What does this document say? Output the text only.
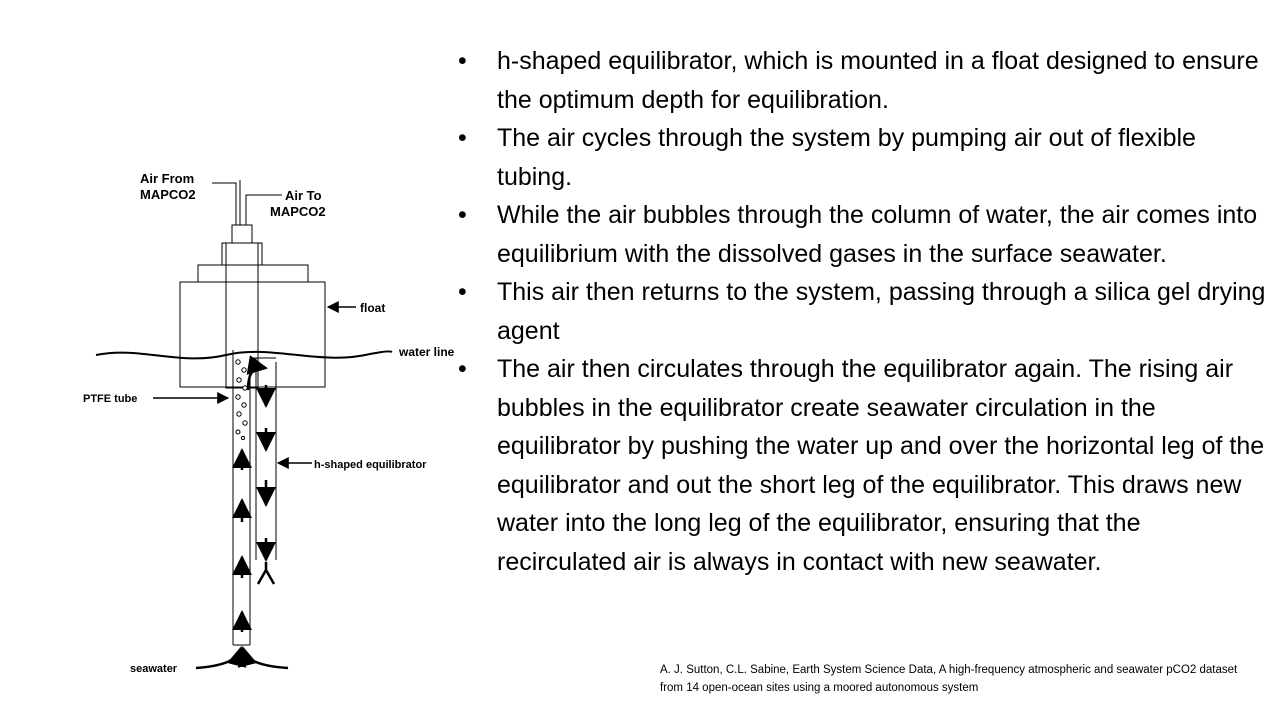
Air From
MAPCO2	Air To
MAPCO2
float
water line
PTFE tube
h-shaped equilibrator
seawater
• h-shaped equilibrator, which is mounted in a float designed to ensure the optimum depth for equilibration.
• The air cycles through the system by pumping air out of flexible tubing.
• While the air bubbles through the column of water, the air comes into equilibrium with the dissolved gases in the surface seawater.
• This air then returns to the system, passing through a silica gel drying agent
• The air then circulates through the equilibrator again. The rising air bubbles in the equilibrator create seawater circulation in the equilibrator by pushing the water up and over the horizontal leg of the equilibrator and out the short leg of the equilibrator. This draws new water into the long leg of the equilibrator, ensuring that the recirculated air is always in contact with new seawater.
A. J. Sutton, C.L. Sabine, Earth System Science Data, A high-frequency atmospheric and seawater pCO2 dataset from 14 open-ocean sites using a moored autonomous system
